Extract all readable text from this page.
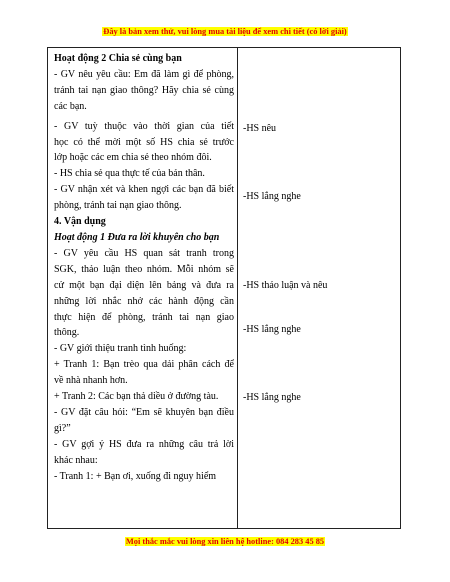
Đây là bản xem thử, vui lòng mua tài liệu để xem chi tiết (có lời giải)
Hoạt động 2 Chia sẻ cùng bạn
- GV nêu yêu cầu: Em đã làm gì để phòng,
tránh tai nạn giao thông? Hãy chia sẻ cùng
các bạn.
- GV tuỳ thuộc vào thời gian của tiết
học có thể mời một số HS chia sẻ trước
lớp hoặc các em chia sẻ theo nhóm đôi.
- HS chia sẻ qua thực tế của bản thân.
- GV nhận xét và khen ngợi các bạn đã biết
phòng, tránh tai nạn giao thông.
4. Vận dụng
Hoạt động 1 Đưa ra lời khuyên cho bạn
- GV yêu cầu HS quan sát tranh trong
SGK, thảo luận theo nhóm. Mỗi nhóm sẽ
cử một bạn đại diện lên bảng và đưa ra
những lời nhắc nhở các hành động cần
thực hiện để phòng, tránh tai nạn giao
thông.
- GV giới thiệu tranh tình huống:
+ Tranh 1: Bạn trèo qua dải phân cách để
về nhà nhanh hơn.
+ Tranh 2: Các bạn thả diều ở đường tàu.
- GV đặt câu hỏi: “Em sẽ khuyên bạn điều
gì?”
- GV gợi ý HS đưa ra những câu trả lời
khác nhau:
- Tranh 1: + Bạn ơi, xuống đi nguy hiểm
-HS nêu
-HS lắng nghe
-HS thảo luận và nêu
-HS lắng nghe
-HS lắng nghe
Mọi thắc mắc vui lòng xin liên hệ hotline: 084 283 45 85
